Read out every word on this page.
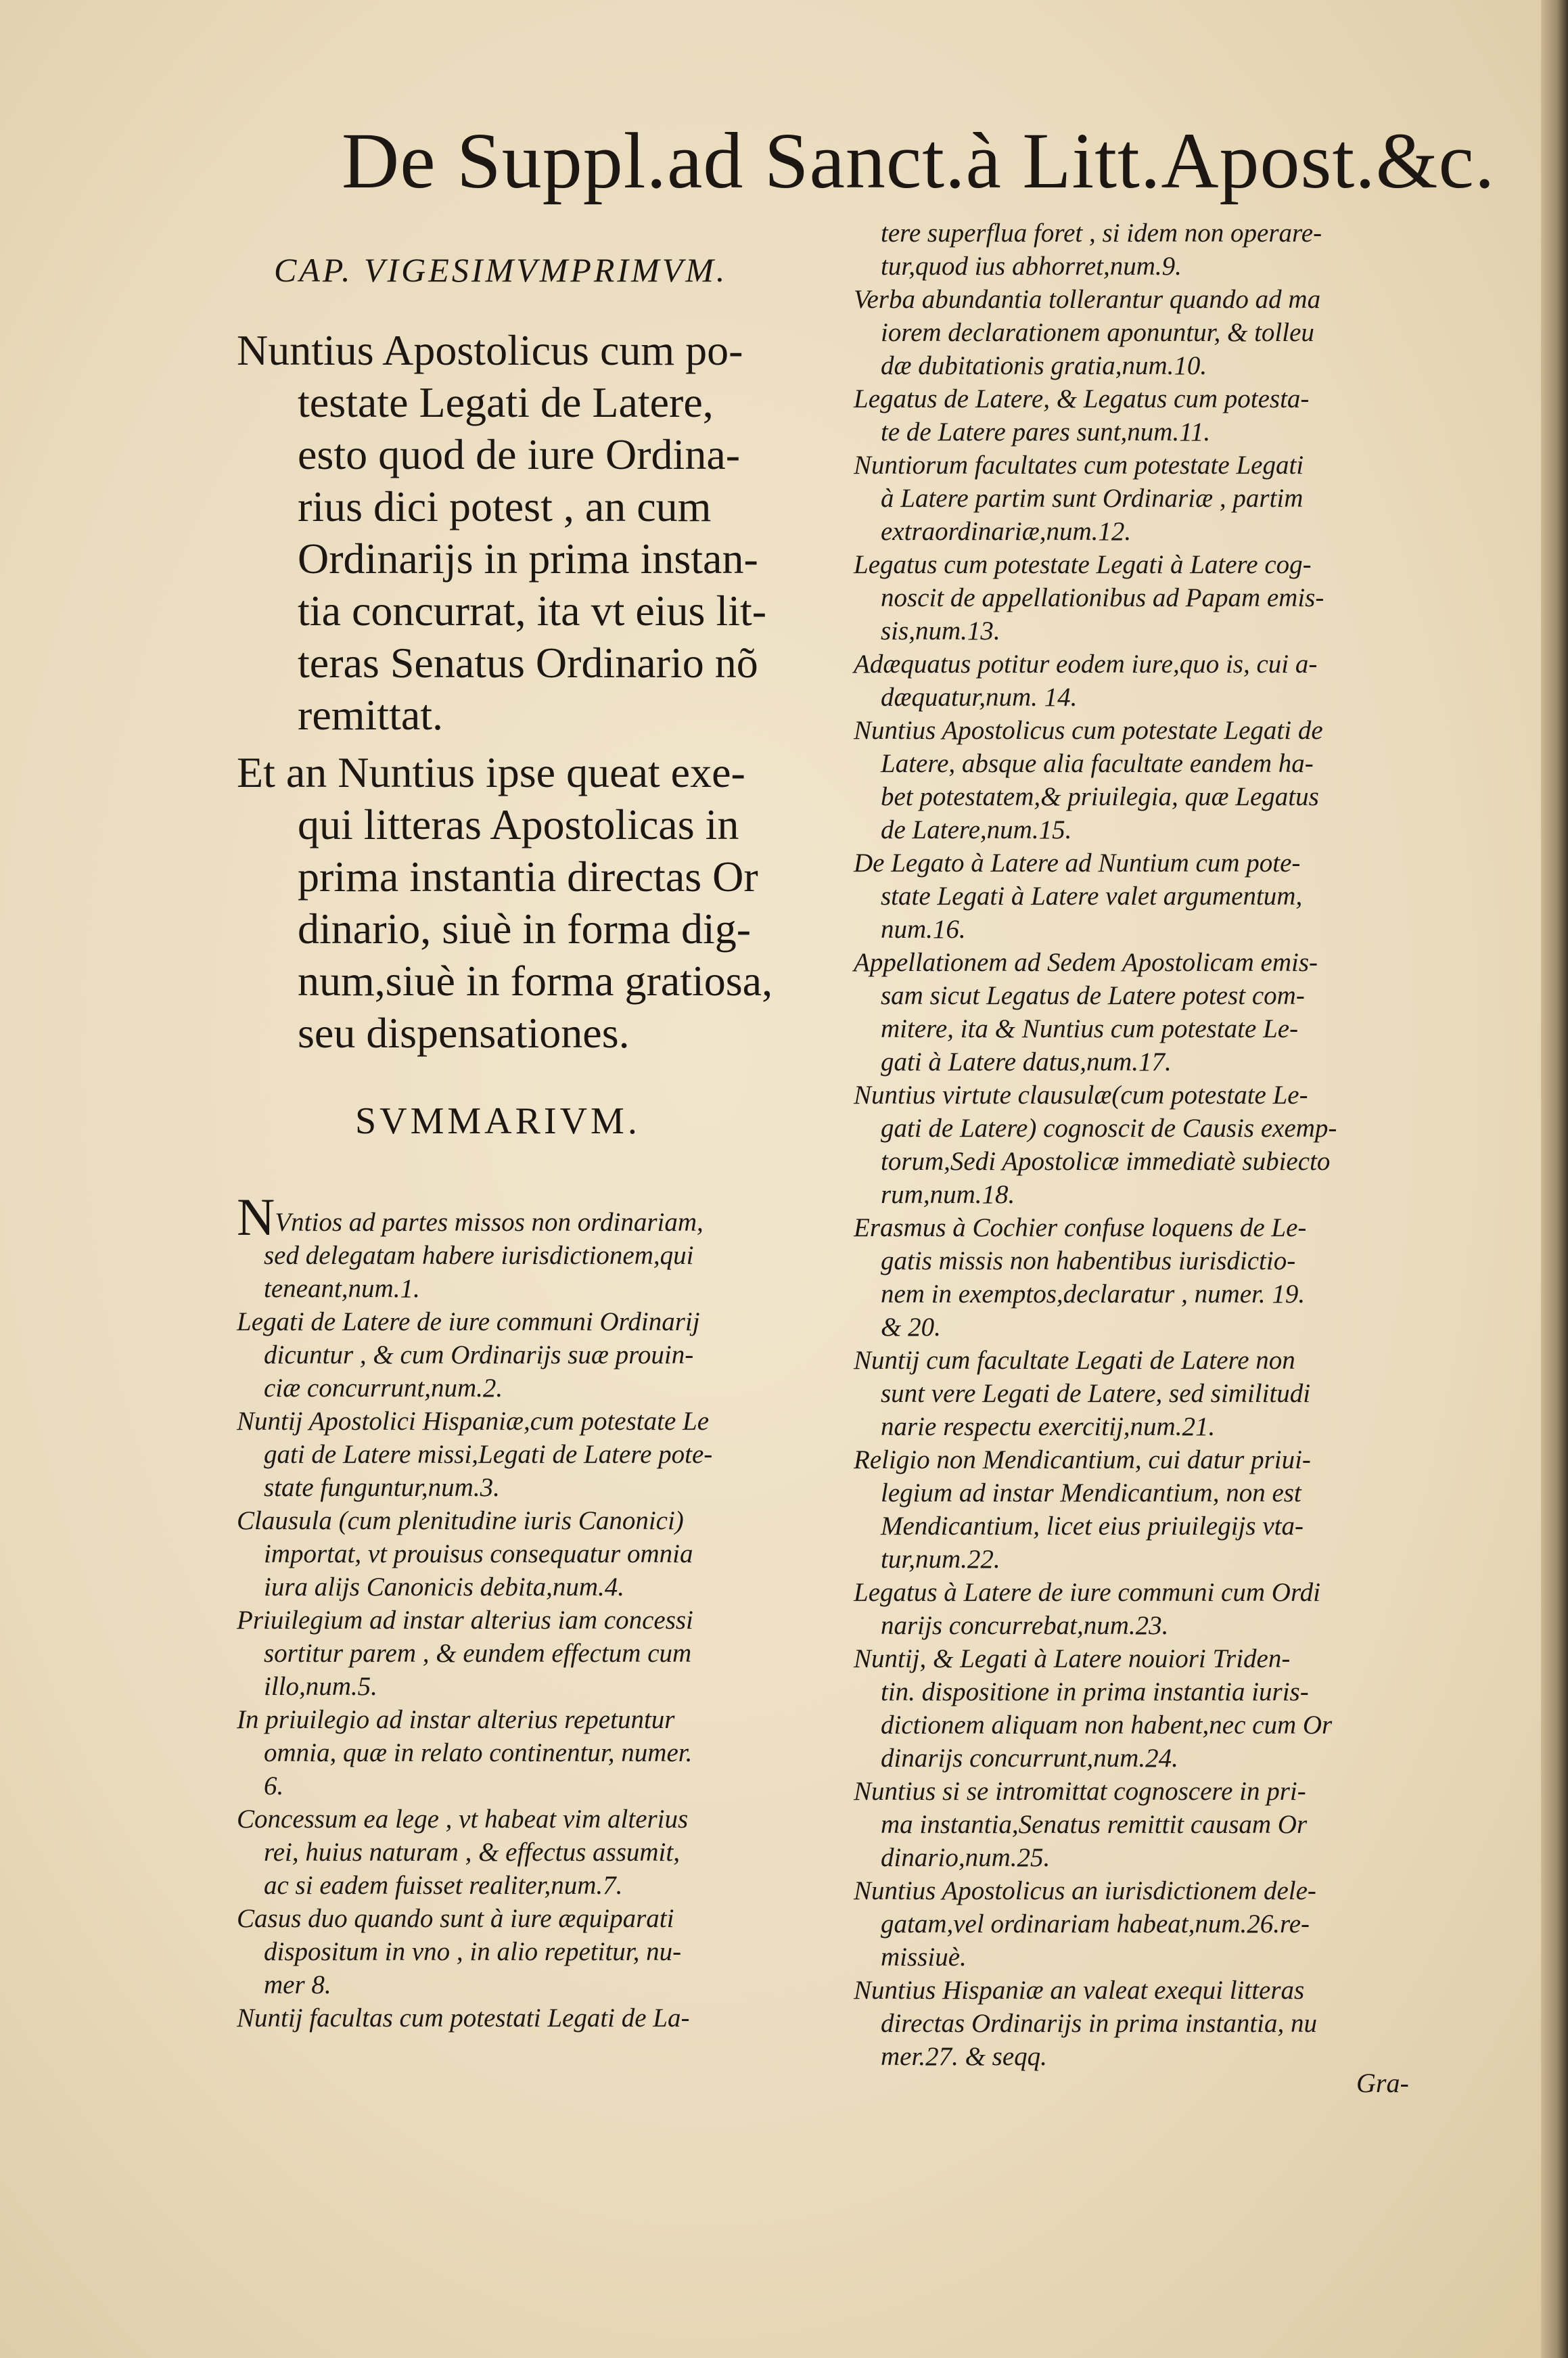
De Suppl.ad Sanct.à Litt.Apost.&c.
CAP. VIGESIMVMPRIMVM.
Nuntius Apostolicus cum po-
testate Legati de Latere,
esto quod de iure Ordina-
rius dici potest , an cum
Ordinarijs in prima instan-
tia concurrat, ita vt eius lit-
teras Senatus Ordinario nõ
remittat.
Et an Nuntius ipse queat exe-
qui litteras Apostolicas in
prima instantia directas Or
dinario, siuè in forma dig-
num,siuè in forma gratiosa,
seu dispensationes.
SVMMARIVM.

NVntios ad partes missos non ordinariam,
sed delegatam habere iurisdictionem,qui
teneant,num.1.

Legati de Latere de iure communi Ordinarij
dicuntur , & cum Ordinarijs suæ prouin-
ciæ concurrunt,num.2.

Nuntij Apostolici Hispaniæ,cum potestate Le
gati de Latere missi,Legati de Latere pote-
state funguntur,num.3.

Clausula (cum plenitudine iuris Canonici)
importat, vt prouisus consequatur omnia
iura alijs Canonicis debita,num.4.

Priuilegium ad instar alterius iam concessi
sortitur parem , & eundem effectum cum
illo,num.5.

In priuilegio ad instar alterius repetuntur
omnia, quæ in relato continentur, numer.
6.

Concessum ea lege , vt habeat vim alterius
rei, huius naturam , & effectus assumit,
ac si eadem fuisset realiter,num.7.

Casus duo quando sunt à iure æquiparati
dispositum in vno , in alio repetitur, nu-
mer 8.

Nuntij facultas cum potestati Legati de La-

tere superflua foret , si idem non operare-
tur,quod ius abhorret,num.9.

Verba abundantia tollerantur quando ad ma
iorem declarationem aponuntur, & tolleu
dæ dubitationis gratia,num.10.

Legatus de Latere, & Legatus cum potesta-
te de Latere pares sunt,num.11.

Nuntiorum facultates cum potestate Legati
à Latere partim sunt Ordinariæ , partim
extraordinariæ,num.12.

Legatus cum potestate Legati à Latere cog-
noscit de appellationibus ad Papam emis-
sis,num.13.

Adæquatus potitur eodem iure,quo is, cui a-
dæquatur,num. 14.

Nuntius Apostolicus cum potestate Legati de
Latere, absque alia facultate eandem ha-
bet potestatem,& priuilegia, quæ Legatus
de Latere,num.15.

De Legato à Latere ad Nuntium cum pote-
state Legati à Latere valet argumentum,
num.16.

Appellationem ad Sedem Apostolicam emis-
sam sicut Legatus de Latere potest com-
mitere, ita & Nuntius cum potestate Le-
gati à Latere datus,num.17.

Nuntius virtute clausulæ(cum potestate Le-
gati de Latere) cognoscit de Causis exemp-
torum,Sedi Apostolicæ immediatè subiecto
rum,num.18.

Erasmus à Cochier confuse loquens de Le-
gatis missis non habentibus iurisdictio-
nem in exemptos,declaratur , numer. 19.
& 20.

Nuntij cum facultate Legati de Latere non
sunt vere Legati de Latere, sed similitudi
narie respectu exercitij,num.21.

Religio non Mendicantium, cui datur priui-
legium ad instar Mendicantium, non est
Mendicantium, licet eius priuilegijs vta-
tur,num.22.

Legatus à Latere de iure communi cum Ordi
narijs concurrebat,num.23.

Nuntij, & Legati à Latere nouiori Triden-
tin. dispositione in prima instantia iuris-
dictionem aliquam non habent,nec cum Or
dinarijs concurrunt,num.24.

Nuntius si se intromittat cognoscere in pri-
ma instantia,Senatus remittit causam Or
dinario,num.25.

Nuntius Apostolicus an iurisdictionem dele-
gatam,vel ordinariam habeat,num.26.re-
missiuè.

Nuntius Hispaniæ an valeat exequi litteras
directas Ordinarijs in prima instantia, nu
mer.27. & seqq.

Gra-
